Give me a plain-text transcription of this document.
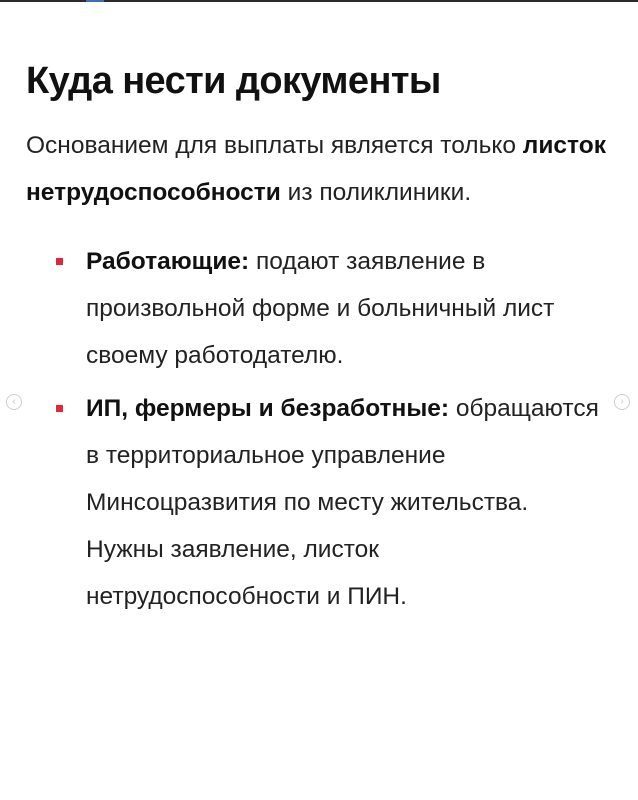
Куда нести документы

Основанием для выплаты является только листок нетрудоспособности из поликлиники.

Работающие: подают заявление в произвольной форме и больничный лист своему работодателю.
ИП, фермеры и безработные: обращаются в территориальное управление Минсоцразвития по месту жительства. Нужны заявление, листок нетрудоспособности и ПИН.
‹	›
